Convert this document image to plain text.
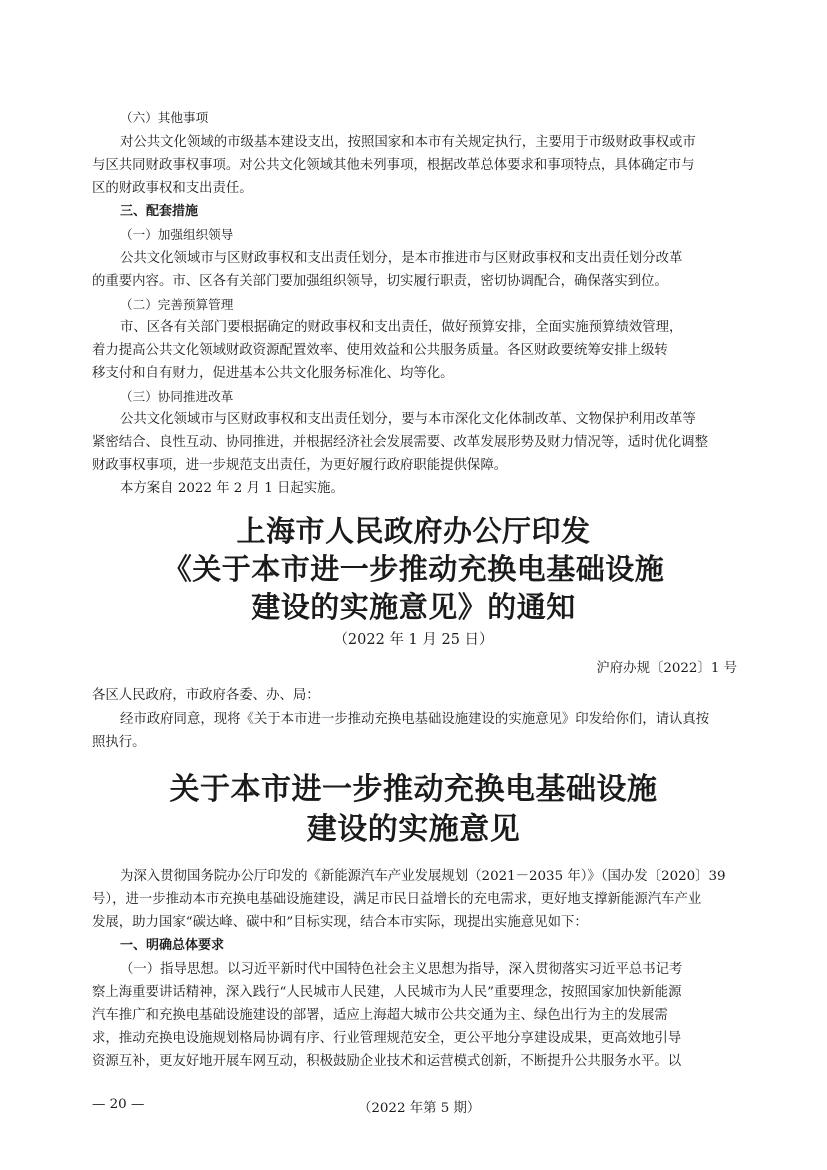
（六）其他事项
对公共文化领域的市级基本建设支出，按照国家和本市有关规定执行，主要用于市级财政事权或市
与区共同财政事权事项。对公共文化领域其他未列事项，根据改革总体要求和事项特点，具体确定市与
区的财政事权和支出责任。
三、配套措施
（一）加强组织领导
公共文化领域市与区财政事权和支出责任划分，是本市推进市与区财政事权和支出责任划分改革
的重要内容。市、区各有关部门要加强组织领导，切实履行职责，密切协调配合，确保落实到位。
（二）完善预算管理
市、区各有关部门要根据确定的财政事权和支出责任，做好预算安排，全面实施预算绩效管理，
着力提高公共文化领域财政资源配置效率、使用效益和公共服务质量。各区财政要统筹安排上级转
移支付和自有财力，促进基本公共文化服务标准化、均等化。
（三）协同推进改革
公共文化领域市与区财政事权和支出责任划分，要与本市深化文化体制改革、文物保护利用改革等
紧密结合、良性互动、协同推进，并根据经济社会发展需要、改革发展形势及财力情况等，适时优化调整
财政事权事项，进一步规范支出责任，为更好履行政府职能提供保障。
本方案自 2022 年 2 月 1 日起实施。
上海市人民政府办公厅印发
《关于本市进一步推动充换电基础设施
建设的实施意见》的通知
（2022 年 1 月 25 日）
沪府办规〔2022〕1 号
各区人民政府，市政府各委、办、局：
经市政府同意，现将《关于本市进一步推动充换电基础设施建设的实施意见》印发给你们，请认真按
照执行。
关于本市进一步推动充换电基础设施
建设的实施意见
为深入贯彻国务院办公厅印发的《新能源汽车产业发展规划（2021－2035 年）》（国办发〔2020〕39
号），进一步推动本市充换电基础设施建设，满足市民日益增长的充电需求，更好地支撑新能源汽车产业
发展，助力国家“碳达峰、碳中和”目标实现，结合本市实际，现提出实施意见如下：
一、明确总体要求
（一）指导思想。以习近平新时代中国特色社会主义思想为指导，深入贯彻落实习近平总书记考
察上海重要讲话精神，深入践行“人民城市人民建，人民城市为人民”重要理念，按照国家加快新能源
汽车推广和充换电基础设施建设的部署，适应上海超大城市公共交通为主、绿色出行为主的发展需
求，推动充换电设施规划格局协调有序、行业管理规范安全，更公平地分享建设成果，更高效地引导
资源互补，更友好地开展车网互动，积极鼓励企业技术和运营模式创新，不断提升公共服务水平。以
— 20 —	（2022 年第 5 期）
